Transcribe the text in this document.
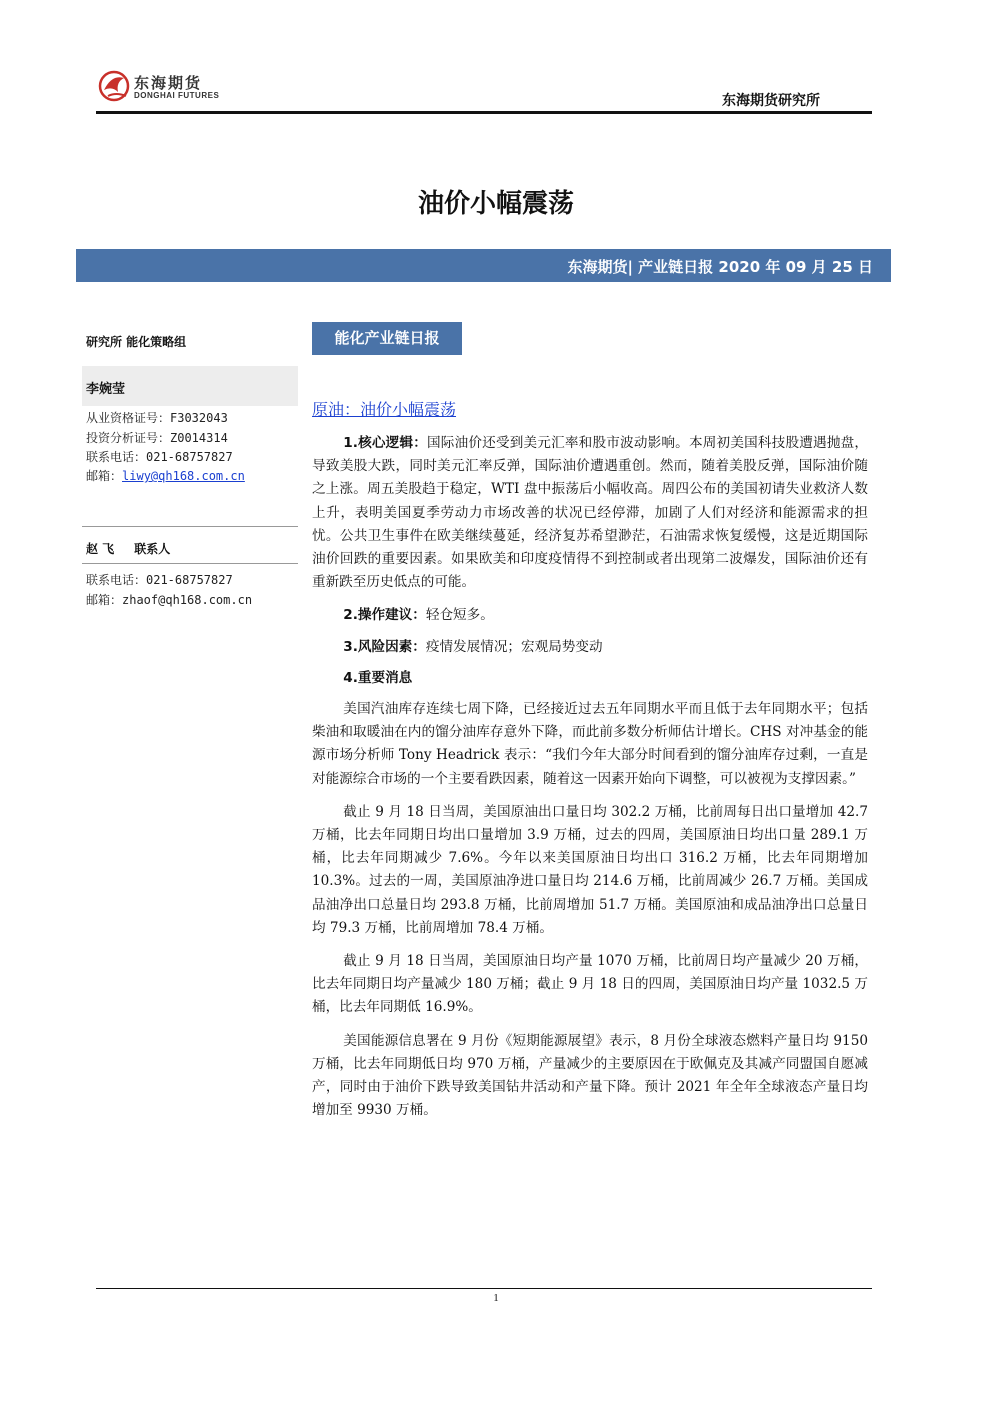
东海期货
DONGHAI FUTURES	东海期货研究所
油价小幅震荡
东海期货| 产业链日报 2020 年 09 月 25 日
研究所 能化策略组
李婉莹
从业资格证号：F3032043
投资分析证号：Z0014314
联系电话：021-68757827
邮箱：liwy@qh168.com.cn
赵 飞 联系人
联系电话：021-68757827
邮箱：zhaof@qh168.com.cn
能化产业链日报
原油：油价小幅震荡

1.核心逻辑：国际油价还受到美元汇率和股市波动影响。本周初美国科技股遭遇抛盘，导致美股大跌，同时美元汇率反弹，国际油价遭遇重创。然而，随着美股反弹，国际油价随之上涨。周五美股趋于稳定，WTI 盘中振荡后小幅收高。周四公布的美国初请失业救济人数上升，表明美国夏季劳动力市场改善的状况已经停滞，加剧了人们对经济和能源需求的担忧。公共卫生事件在欧美继续蔓延，经济复苏希望渺茫，石油需求恢复缓慢，这是近期国际油价回跌的重要因素。如果欧美和印度疫情得不到控制或者出现第二波爆发，国际油价还有重新跌至历史低点的可能。

2.操作建议：轻仓短多。

3.风险因素：疫情发展情况；宏观局势变动

4.重要消息

美国汽油库存连续七周下降，已经接近过去五年同期水平而且低于去年同期水平；包括柴油和取暖油在内的馏分油库存意外下降，而此前多数分析师估计增长。CHS 对冲基金的能源市场分析师 Tony Headrick 表示：“我们今年大部分时间看到的馏分油库存过剩，一直是对能源综合市场的一个主要看跌因素，随着这一因素开始向下调整，可以被视为支撑因素。”

截止 9 月 18 日当周，美国原油出口量日均 302.2 万桶，比前周每日出口量增加 42.7 万桶，比去年同期日均出口量增加 3.9 万桶，过去的四周，美国原油日均出口量 289.1 万桶，比去年同期减少 7.6%。今年以来美国原油日均出口 316.2 万桶，比去年同期增加 10.3%。过去的一周，美国原油净进口量日均 214.6 万桶，比前周减少 26.7 万桶。美国成品油净出口总量日均 293.8 万桶，比前周增加 51.7 万桶。美国原油和成品油净出口总量日均 79.3 万桶，比前周增加 78.4 万桶。

截止 9 月 18 日当周，美国原油日均产量 1070 万桶，比前周日均产量减少 20 万桶，比去年同期日均产量减少 180 万桶；截止 9 月 18 日的四周，美国原油日均产量 1032.5 万桶，比去年同期低 16.9%。

美国能源信息署在 9 月份《短期能源展望》表示，8 月份全球液态燃料产量日均 9150 万桶，比去年同期低日均 970 万桶，产量减少的主要原因在于欧佩克及其减产同盟国自愿减产，同时由于油价下跌导致美国钻井活动和产量下降。预计 2021 年全年全球液态产量日均增加至 9930 万桶。

1
